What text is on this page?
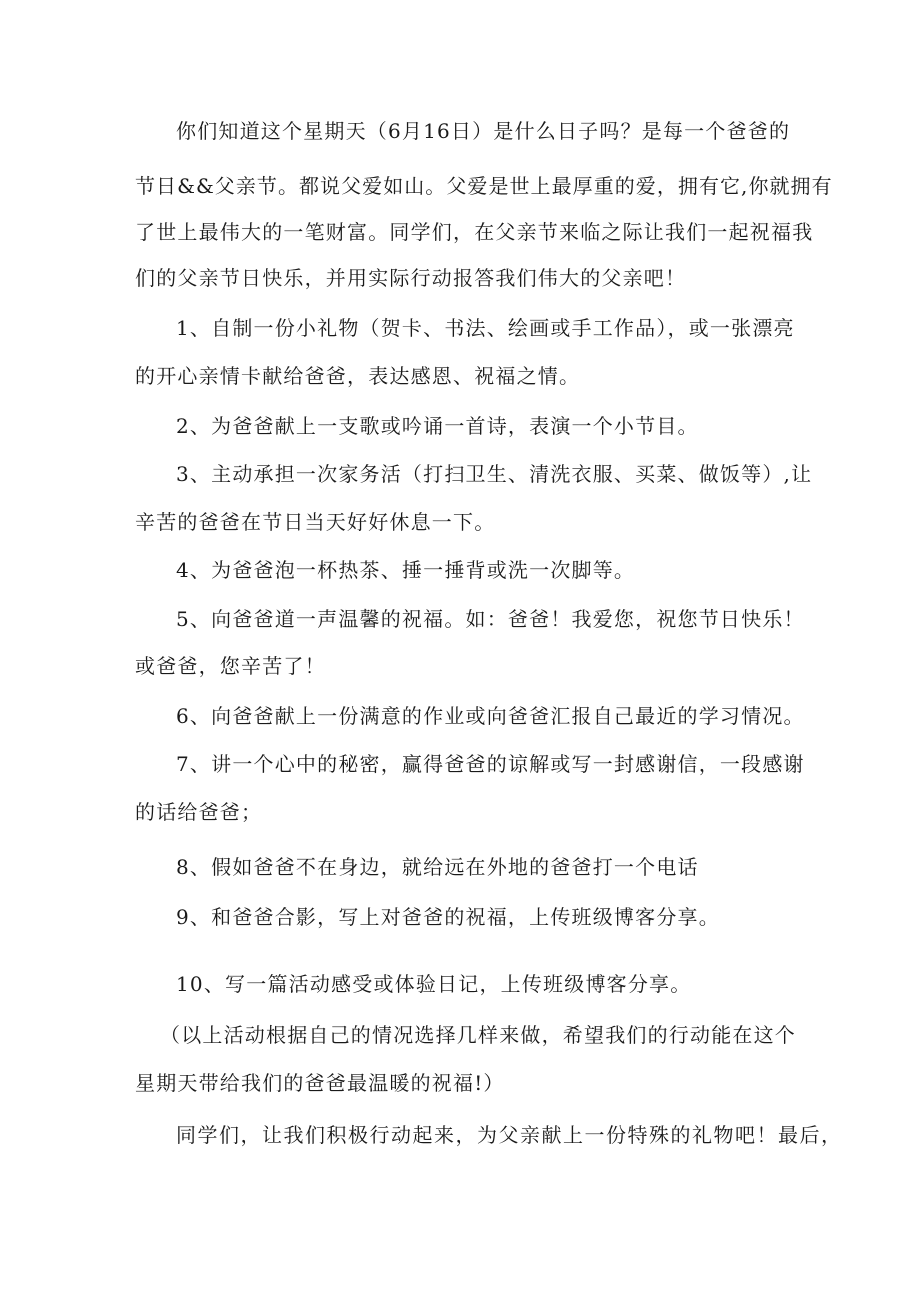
你们知道这个星期天（6月16日）是什么日子吗？是每一个爸爸的
节日&&父亲节。都说父爱如山。父爱是世上最厚重的爱，拥有它,你就拥有
了世上最伟大的一笔财富。同学们，在父亲节来临之际让我们一起祝福我
们的父亲节日快乐，并用实际行动报答我们伟大的父亲吧！
1、自制一份小礼物（贺卡、书法、绘画或手工作品），或一张漂亮
的开心亲情卡献给爸爸，表达感恩、祝福之情。
2、为爸爸献上一支歌或吟诵一首诗，表演一个小节目。
3、主动承担一次家务活（打扫卫生、清洗衣服、买菜、做饭等）,让
辛苦的爸爸在节日当天好好休息一下。
4、为爸爸泡一杯热茶、捶一捶背或洗一次脚等。
5、向爸爸道一声温馨的祝福。如：爸爸！我爱您，祝您节日快乐！
或爸爸，您辛苦了！
6、向爸爸献上一份满意的作业或向爸爸汇报自己最近的学习情况。
7、讲一个心中的秘密，赢得爸爸的谅解或写一封感谢信，一段感谢
的话给爸爸；
8、假如爸爸不在身边，就给远在外地的爸爸打一个电话
9、和爸爸合影，写上对爸爸的祝福，上传班级博客分享。
10、写一篇活动感受或体验日记，上传班级博客分享。
（以上活动根据自己的情况选择几样来做，希望我们的行动能在这个
星期天带给我们的爸爸最温暖的祝福!）
同学们，让我们积极行动起来，为父亲献上一份特殊的礼物吧！最后，
